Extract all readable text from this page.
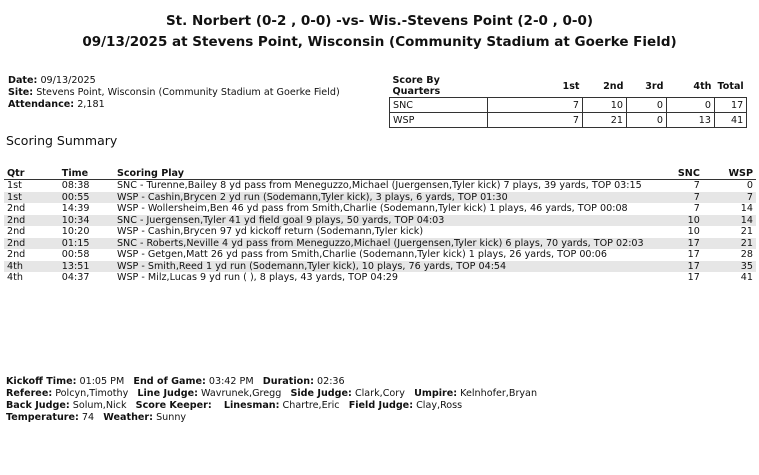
St. Norbert (0-2 , 0-0) -vs- Wis.-Stevens Point (2-0 , 0-0)
09/13/2025 at Stevens Point, Wisconsin (Community Stadium at Goerke Field)
Date: 09/13/2025
Site: Stevens Point, Wisconsin (Community Stadium at Goerke Field)
Attendance: 2,181
Score By Quarters	1st	2nd	3rd	4th	Total
SNC	7	10	0	0	17
WSP	7	21	0	13	41
Scoring Summary
Qtr	Time	Scoring Play	SNC	WSP
1st	08:38	SNC - Turenne,Bailey 8 yd pass from Meneguzzo,Michael (Juergensen,Tyler kick) 7 plays, 39 yards, TOP 03:15	7	0
1st	00:55	WSP - Cashin,Brycen 2 yd run (Sodemann,Tyler kick), 3 plays, 6 yards, TOP 01:30	7	7
2nd	14:39	WSP - Wollersheim,Ben 46 yd pass from Smith,Charlie (Sodemann,Tyler kick) 1 plays, 46 yards, TOP 00:08	7	14
2nd	10:34	SNC - Juergensen,Tyler 41 yd field goal 9 plays, 50 yards, TOP 04:03	10	14
2nd	10:20	WSP - Cashin,Brycen 97 yd kickoff return (Sodemann,Tyler kick)	10	21
2nd	01:15	SNC - Roberts,Neville 4 yd pass from Meneguzzo,Michael (Juergensen,Tyler kick) 6 plays, 70 yards, TOP 02:03	17	21
2nd	00:58	WSP - Getgen,Matt 26 yd pass from Smith,Charlie (Sodemann,Tyler kick) 1 plays, 26 yards, TOP 00:06	17	28
4th	13:51	WSP - Smith,Reed 1 yd run (Sodemann,Tyler kick), 10 plays, 76 yards, TOP 04:54	17	35
4th	04:37	WSP - Milz,Lucas 9 yd run ( ), 8 plays, 43 yards, TOP 04:29	17	41
Kickoff Time: 01:05 PM End of Game: 03:42 PM Duration: 02:36
Referee: Polcyn,Timothy Line Judge: Wavrunek,Gregg Side Judge: Clark,Cory Umpire: Kelnhofer,Bryan
Back Judge: Solum,Nick Score Keeper: Linesman: Chartre,Eric Field Judge: Clay,Ross
Temperature: 74 Weather: Sunny
